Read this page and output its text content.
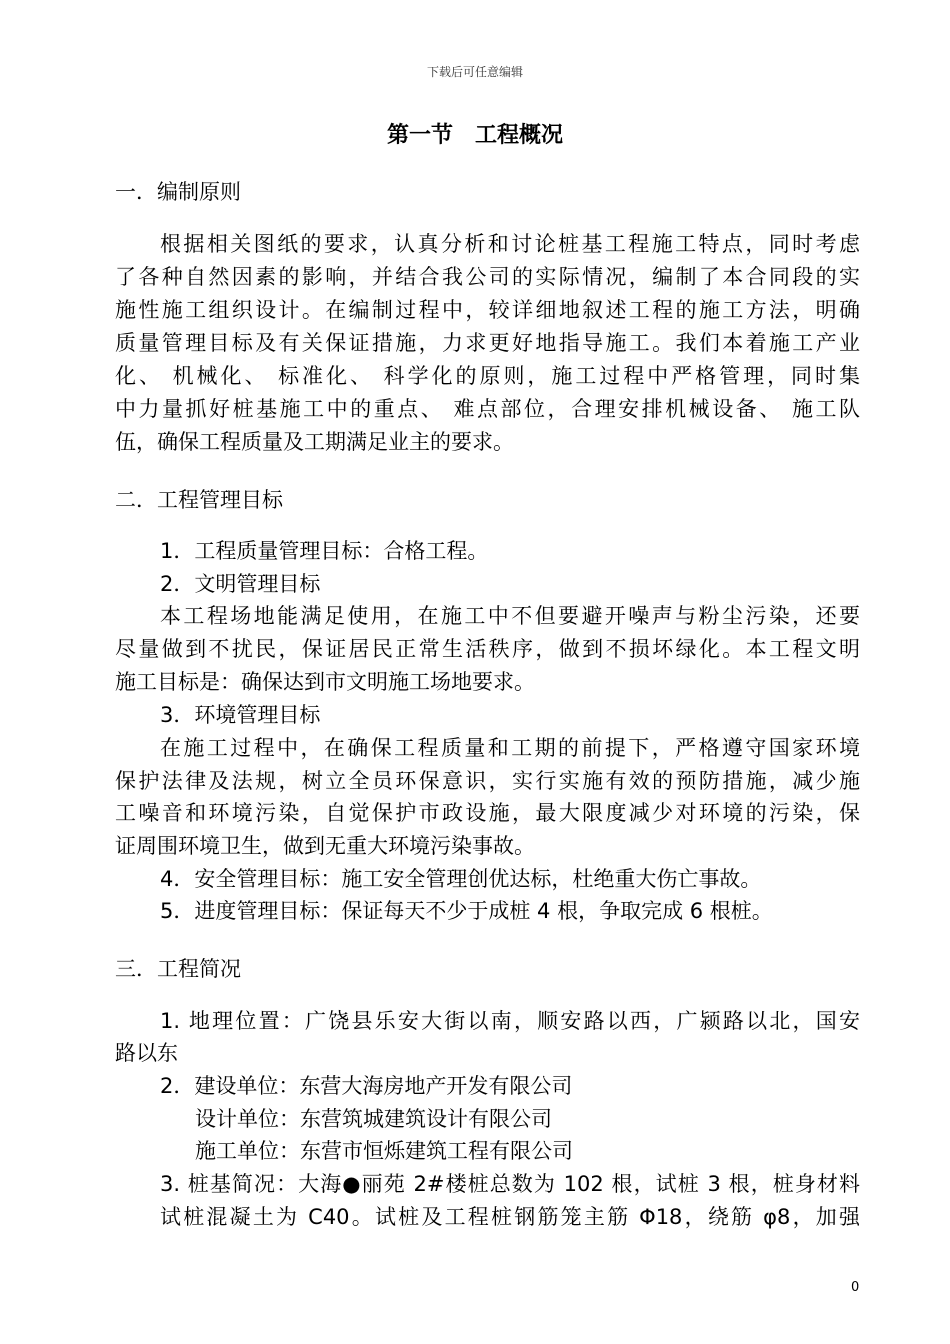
下载后可任意编辑
第一节　工程概况
一．编制原则
根据相关图纸的要求，认真分析和讨论桩基工程施工特点，同时考虑
了各种自然因素的影响，并结合我公司的实际情况，编制了本合同段的实
施性施工组织设计。在编制过程中，较详细地叙述工程的施工方法，明确
质量管理目标及有关保证措施，力求更好地指导施工。我们本着施工产业
化、 机械化、 标准化、 科学化的原则，施工过程中严格管理，同时集
中力量抓好桩基施工中的重点、 难点部位，合理安排机械设备、 施工队
伍，确保工程质量及工期满足业主的要求。
二．工程管理目标
1．工程质量管理目标：合格工程。
2．文明管理目标
本工程场地能满足使用，在施工中不但要避开噪声与粉尘污染，还要
尽量做到不扰民，保证居民正常生活秩序，做到不损坏绿化。本工程文明
施工目标是：确保达到市文明施工场地要求。
3．环境管理目标
在施工过程中，在确保工程质量和工期的前提下，严格遵守国家环境
保护法律及法规，树立全员环保意识，实行实施有效的预防措施，减少施
工噪音和环境污染，自觉保护市政设施，最大限度减少对环境的污染，保
证周围环境卫生，做到无重大环境污染事故。
4．安全管理目标：施工安全管理创优达标，杜绝重大伤亡事故。
5．进度管理目标：保证每天不少于成桩 4 根，争取完成 6 根桩。
三．工程简况
1. 地理位置：广饶县乐安大街以南，顺安路以西，广颍路以北，国安
路以东
2．建设单位：东营大海房地产开发有限公司
设计单位：东营筑城建筑设计有限公司
施工单位：东营市恒烁建筑工程有限公司
3. 桩基简况：大海●丽苑 2#楼桩总数为 102 根，试桩 3 根，桩身材料
试桩混凝土为 C40。试桩及工程桩钢筋笼主筋 Φ18，绕筋 φ8，加强
0
